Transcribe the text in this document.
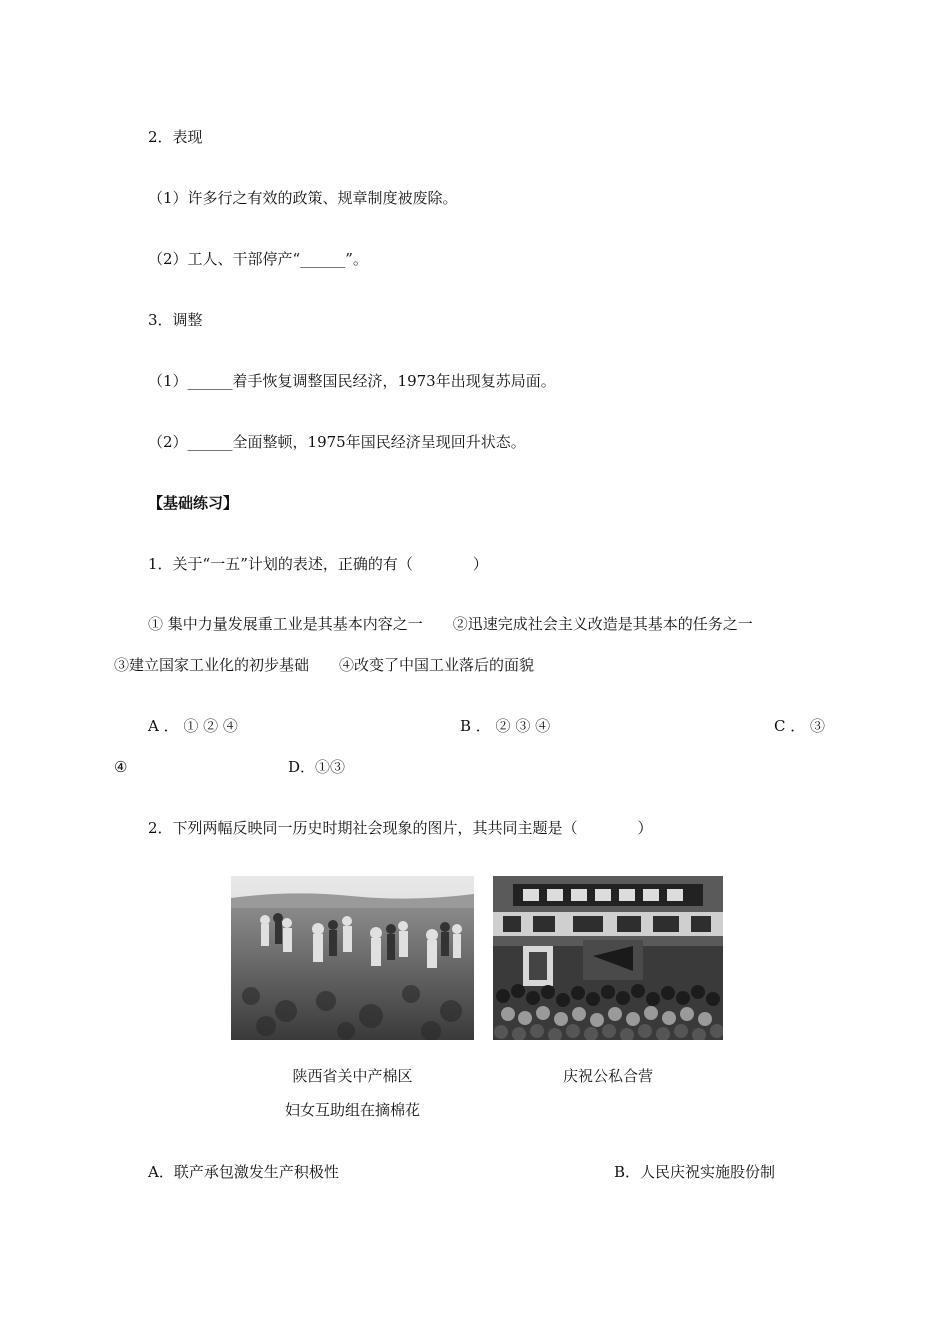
2．表现
（1）许多行之有效的政策、规章制度被废除。
（2）工人、干部停产“______”。
3．调整
（1）______着手恢复调整国民经济，1973年出现复苏局面。
（2）______全面整顿，1975年国民经济呈现回升状态。
【基础练习】
1．关于“一五”计划的表述，正确的有（　　　　）
① 集中力量发展重工业是其基本内容之一　　②迅速完成社会主义改造是其基本的任务之一
③建立国家工业化的初步基础　　④改变了中国工业落后的面貌
A ． ① ② ④	B ． ② ③ ④	C ． ③
④	D．①③
2．下列两幅反映同一历史时期社会现象的图片，其共同主题是（　　　　）
陕西省关中产棉区
妇女互助组在摘棉花
庆祝公私合营
A．联产承包激发生产积极性	B．人民庆祝实施股份制
